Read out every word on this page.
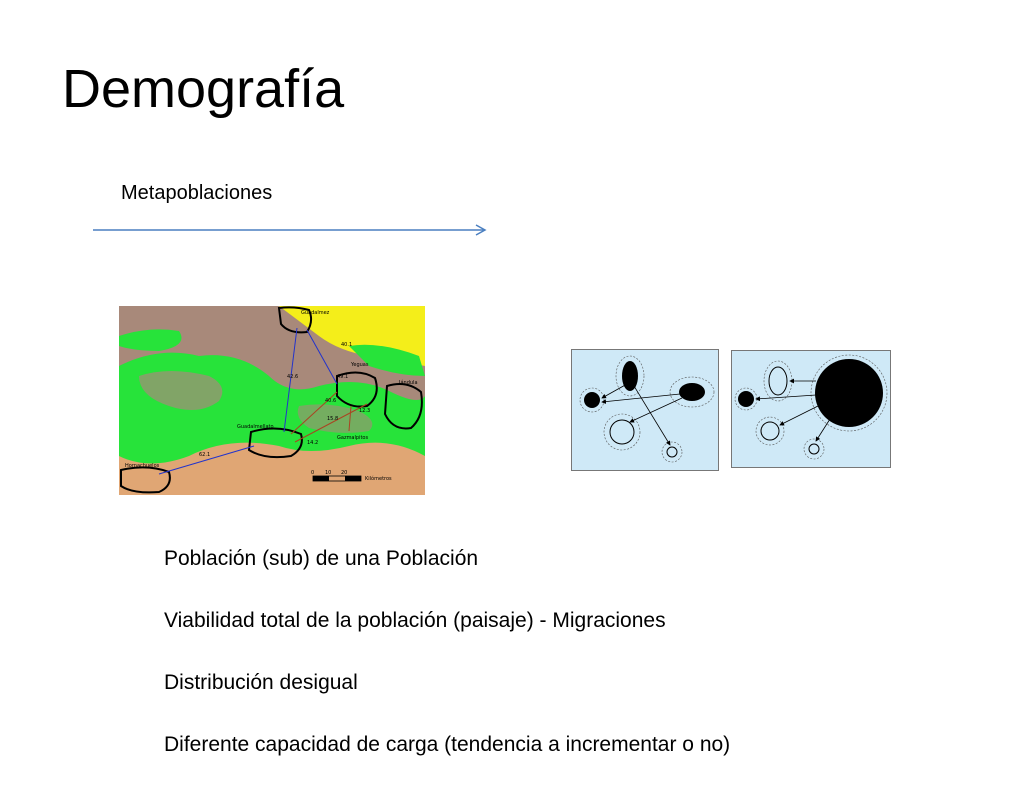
Demografía
Metapoblaciones
Guadalmez
Yeguas
Jándula
Guadalmellato
Hornachuelos
Gazmalpitos
40.1
42.6	49.1
40.6
12.3
15.8
14.2
62.1
0 10 20
Kilómetros
Población (sub) de una Población
Viabilidad total de la población (paisaje) - Migraciones
Distribución desigual
Diferente capacidad de carga (tendencia a incrementar o no)
